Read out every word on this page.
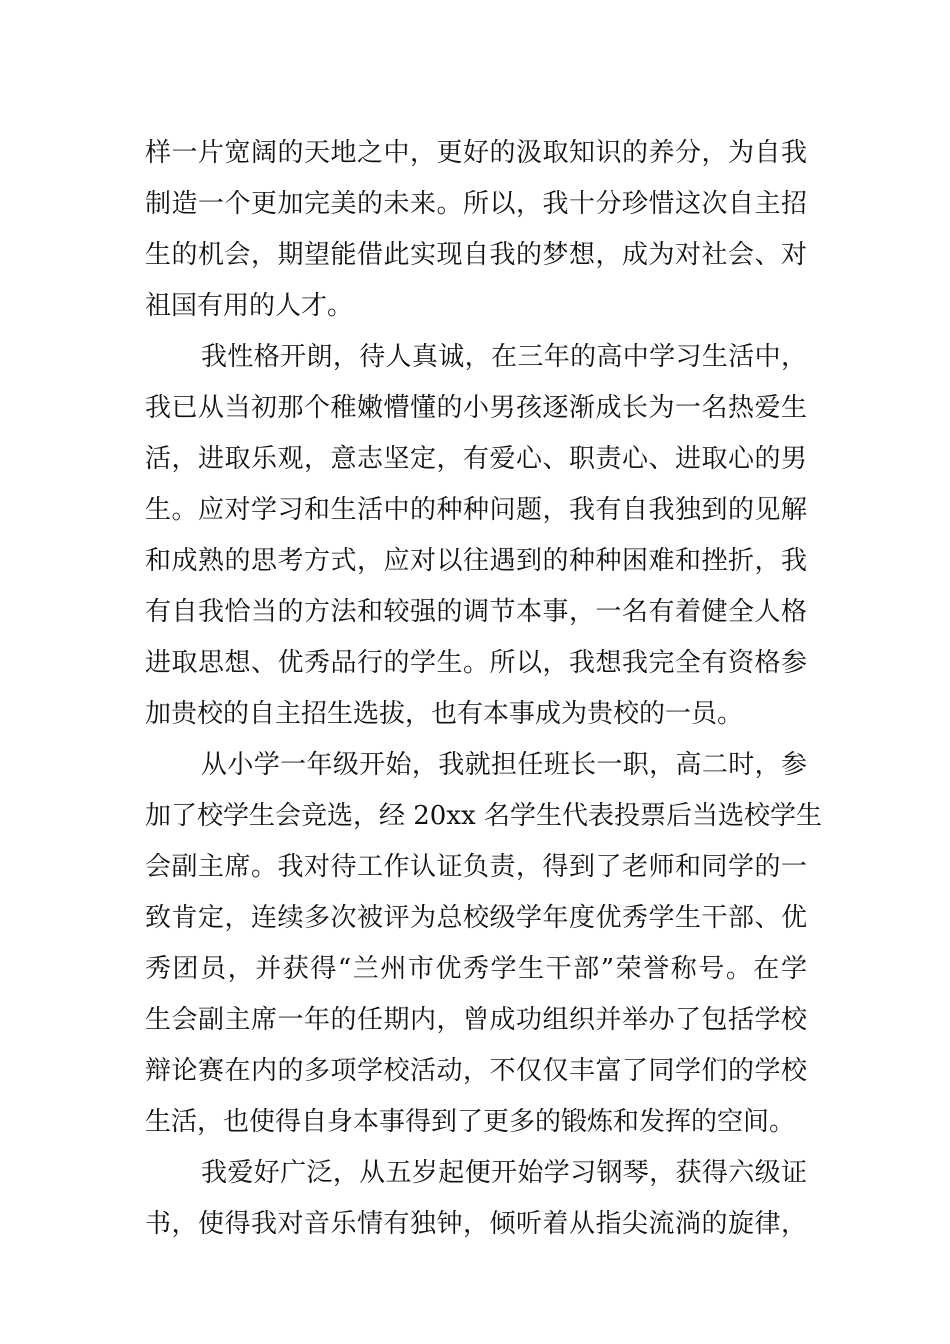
样一片宽阔的天地之中，更好的汲取知识的养分，为自我
制造一个更加完美的未来。所以，我十分珍惜这次自主招
生的机会，期望能借此实现自我的梦想，成为对社会、对
祖国有用的人才。
我性格开朗，待人真诚，在三年的高中学习生活中，
我已从当初那个稚嫩懵懂的小男孩逐渐成长为一名热爱生
活，进取乐观，意志坚定，有爱心、职责心、进取心的男
生。应对学习和生活中的种种问题，我有自我独到的见解
和成熟的思考方式，应对以往遇到的种种困难和挫折，我
有自我恰当的方法和较强的调节本事，一名有着健全人格
进取思想、优秀品行的学生。所以，我想我完全有资格参
加贵校的自主招生选拔，也有本事成为贵校的一员。
从小学一年级开始，我就担任班长一职，高二时，参
加了校学生会竞选，经 20xx 名学生代表投票后当选校学生
会副主席。我对待工作认证负责，得到了老师和同学的一
致肯定，连续多次被评为总校级学年度优秀学生干部、优
秀团员，并获得“兰州市优秀学生干部”荣誉称号。在学
生会副主席一年的任期内，曾成功组织并举办了包括学校
辩论赛在内的多项学校活动，不仅仅丰富了同学们的学校
生活，也使得自身本事得到了更多的锻炼和发挥的空间。
我爱好广泛，从五岁起便开始学习钢琴，获得六级证
书，使得我对音乐情有独钟，倾听着从指尖流淌的旋律，
